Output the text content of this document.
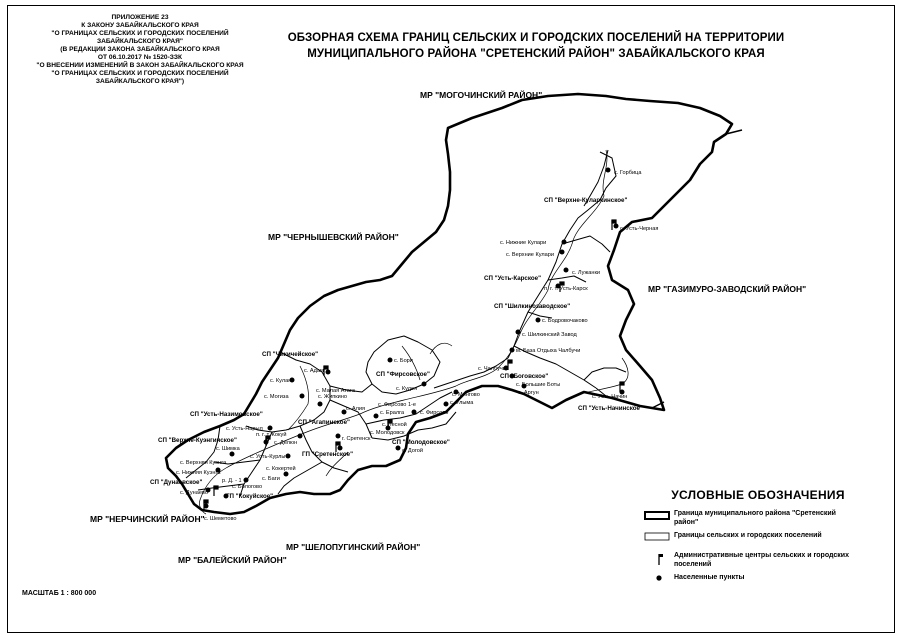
ПРИЛОЖЕНИЕ 23
К ЗАКОНУ ЗАБАЙКАЛЬСКОГО КРАЯ
"О ГРАНИЦАХ СЕЛЬСКИХ И ГОРОДСКИХ ПОСЕЛЕНИЙ
ЗАБАЙКАЛЬСКОГО КРАЯ"
(В РЕДАКЦИИ ЗАКОНА ЗАБАЙКАЛЬСКОГО КРАЯ
ОТ 06.10.2017 № 1520-ЗЗК
"О ВНЕСЕНИИ ИЗМЕНЕНИЙ В ЗАКОН ЗАБАЙКАЛЬСКОГО КРАЯ
"О ГРАНИЦАХ СЕЛЬСКИХ И ГОРОДСКИХ ПОСЕЛЕНИЙ
ЗАБАЙКАЛЬСКОГО КРАЯ")
ОБЗОРНАЯ СХЕМА ГРАНИЦ СЕЛЬСКИХ И ГОРОДСКИХ ПОСЕЛЕНИЙ НА ТЕРРИТОРИИ
МУНИЦИПАЛЬНОГО РАЙОНА "СРЕТЕНСКИЙ РАЙОН" ЗАБАЙКАЛЬСКОГО КРАЯ
МР "МОГОЧИНСКИЙ РАЙОН"
МР "ЧЕРНЫШЕВСКИЙ РАЙОН"
МР "ГАЗИМУРО-ЗАВОДСКИЙ РАЙОН"
МР "НЕРЧИНСКИЙ РАЙОН"
МР "ШЕЛОПУГИНСКИЙ РАЙОН"
МР "БАЛЕЙСКИЙ РАЙОН"
СП "Верхне-Куларкинское"
СП "Усть-Карское"
СП "Шилкинозаводское"
СП "Чикичейское"
СП "Фирсовское"	СП "Боговское"
СП "Усть-Назимовское"
СП "Агапинское"
СП "Верхне-Куэнгинское"
ГП "Сретенское"
СП "Молодовское"
СП "Дунаевское"
ГП "Кокуйское"
СП "Усть-Начинское"
с. Горбица
с. Усть-Черная
с. Нижние Кулари
с. Верхние Кулари
с. Лужанки
п. г. т. Усть-Карск
с. Бодровочаково
с. Шилкинский Завод
с. Чалбучи
м. База Отдыха Чалбучи
с. Большие Боты
с. Аргун
с. Усть-Начин
с. Бори
с. Кудея
с. Улыма
с. Мингово
с. Фирсово
с. Фирсово 1-е
с. Ералга
с. Лесной
с. Молодовск
с. Догой
с. Адам
с. Кулан
с. Малая Атага
с. Могиза	с. Жипкино
с. Алия
с. Усть-Нарыл
п. г. т. Кокуй
с. Делюн
г. Сретенск
с. Шимка
с. Усть-Курлыч
с. Верхняя Куэнга
с. Нижняя Куэнга
с. Кокертей
с. Баги
с. Бологово
с. Дунаево
р. Д. - 1
с. Шеметово
УСЛОВНЫЕ ОБОЗНАЧЕНИЯ
Граница муниципального района "Сретенский район"
Границы сельских и городских поселений
Административные центры сельских и городских поселений
Населенные пункты
МАСШТАБ 1 : 800 000
